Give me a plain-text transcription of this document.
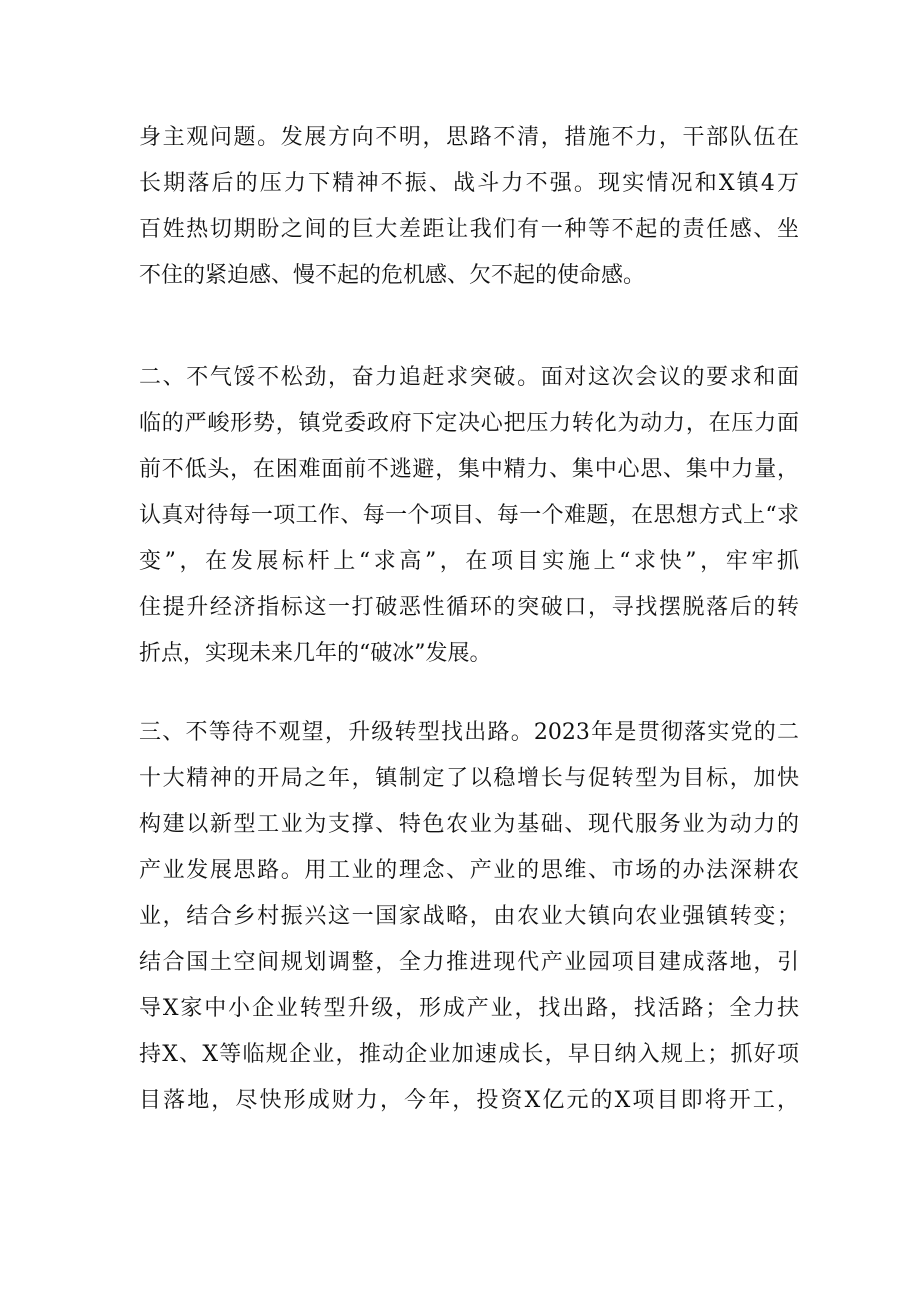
身主观问题。发展方向不明，思路不清，措施不力，干部队伍在
长期落后的压力下精神不振、战斗力不强。现实情况和X镇4万
百姓热切期盼之间的巨大差距让我们有一种等不起的责任感、坐
不住的紧迫感、慢不起的危机感、欠不起的使命感。
二、不气馁不松劲，奋力追赶求突破。面对这次会议的要求和面
临的严峻形势，镇党委政府下定决心把压力转化为动力，在压力面
前不低头，在困难面前不逃避，集中精力、集中心思、集中力量，
认真对待每一项工作、每一个项目、每一个难题，在思想方式上“求
变”，在发展标杆上“求高”，在项目实施上“求快”，牢牢抓
住提升经济指标这一打破恶性循环的突破口，寻找摆脱落后的转
折点，实现未来几年的“破冰”发展。
三、不等待不观望，升级转型找出路。2023年是贯彻落实党的二
十大精神的开局之年，镇制定了以稳增长与促转型为目标，加快
构建以新型工业为支撑、特色农业为基础、现代服务业为动力的
产业发展思路。用工业的理念、产业的思维、市场的办法深耕农
业，结合乡村振兴这一国家战略，由农业大镇向农业强镇转变；
结合国土空间规划调整，全力推进现代产业园项目建成落地，引
导X家中小企业转型升级，形成产业，找出路，找活路；全力扶
持X、X等临规企业，推动企业加速成长，早日纳入规上；抓好项
目落地，尽快形成财力，今年，投资X亿元的X项目即将开工，
